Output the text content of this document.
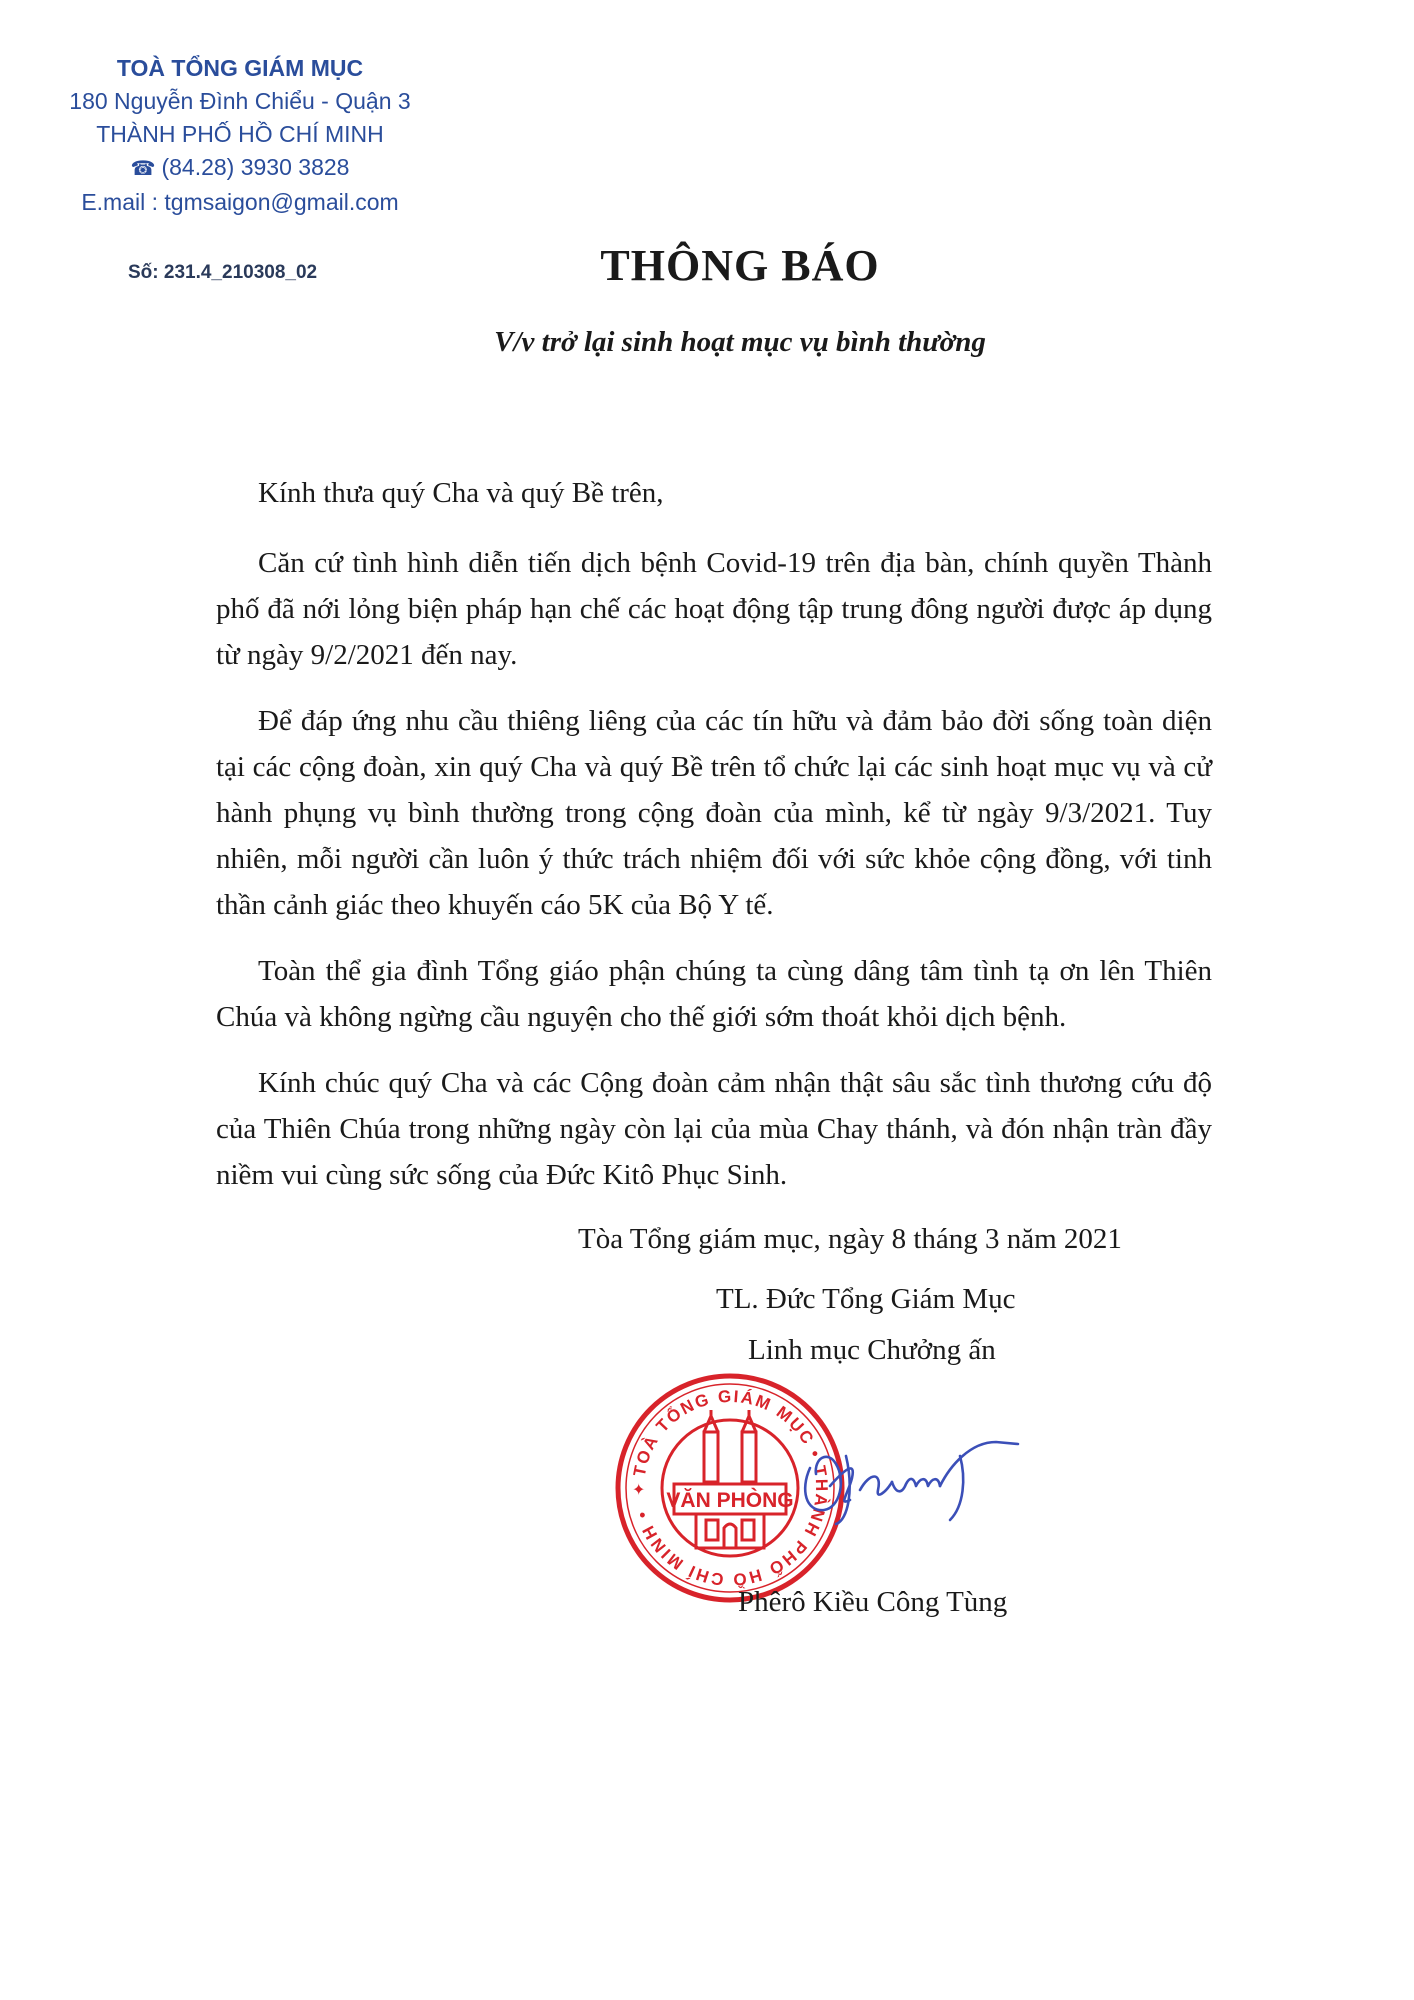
TOÀ TỔNG GIÁM MỤC
180 Nguyễn Đình Chiểu - Quận 3
THÀNH PHỐ HỒ CHÍ MINH
☎ (84.28) 3930 3828
E.mail : tgmsaigon@gmail.com
Số: 231.4_210308_02	THÔNG BÁO
V/v trở lại sinh hoạt mục vụ bình thường

Kính thưa quý Cha và quý Bề trên,

Căn cứ tình hình diễn tiến dịch bệnh Covid-19 trên địa bàn, chính quyền Thành phố đã nới lỏng biện pháp hạn chế các hoạt động tập trung đông người được áp dụng từ ngày 9/2/2021 đến nay.

Để đáp ứng nhu cầu thiêng liêng của các tín hữu và đảm bảo đời sống toàn diện tại các cộng đoàn, xin quý Cha và quý Bề trên tổ chức lại các sinh hoạt mục vụ và cử hành phụng vụ bình thường trong cộng đoàn của mình, kể từ ngày 9/3/2021. Tuy nhiên, mỗi người cần luôn ý thức trách nhiệm đối với sức khỏe cộng đồng, với tinh thần cảnh giác theo khuyến cáo 5K của Bộ Y tế.

Toàn thể gia đình Tổng giáo phận chúng ta cùng dâng tâm tình tạ ơn lên Thiên Chúa và không ngừng cầu nguyện cho thế giới sớm thoát khỏi dịch bệnh.

Kính chúc quý Cha và các Cộng đoàn cảm nhận thật sâu sắc tình thương cứu độ của Thiên Chúa trong những ngày còn lại của mùa Chay thánh, và đón nhận tràn đầy niềm vui cùng sức sống của Đức Kitô Phục Sinh.

Tòa Tổng giám mục, ngày 8 tháng 3 năm 2021
TL. Đức Tổng Giám Mục
Linh mục Chưởng ấn
TOÀ TỔNG GIÁM MỤC • THÀNH PHỐ HỒ CHÍ MINH •
VĂN PHÒNG
✦
Phêrô Kiều Công Tùng
